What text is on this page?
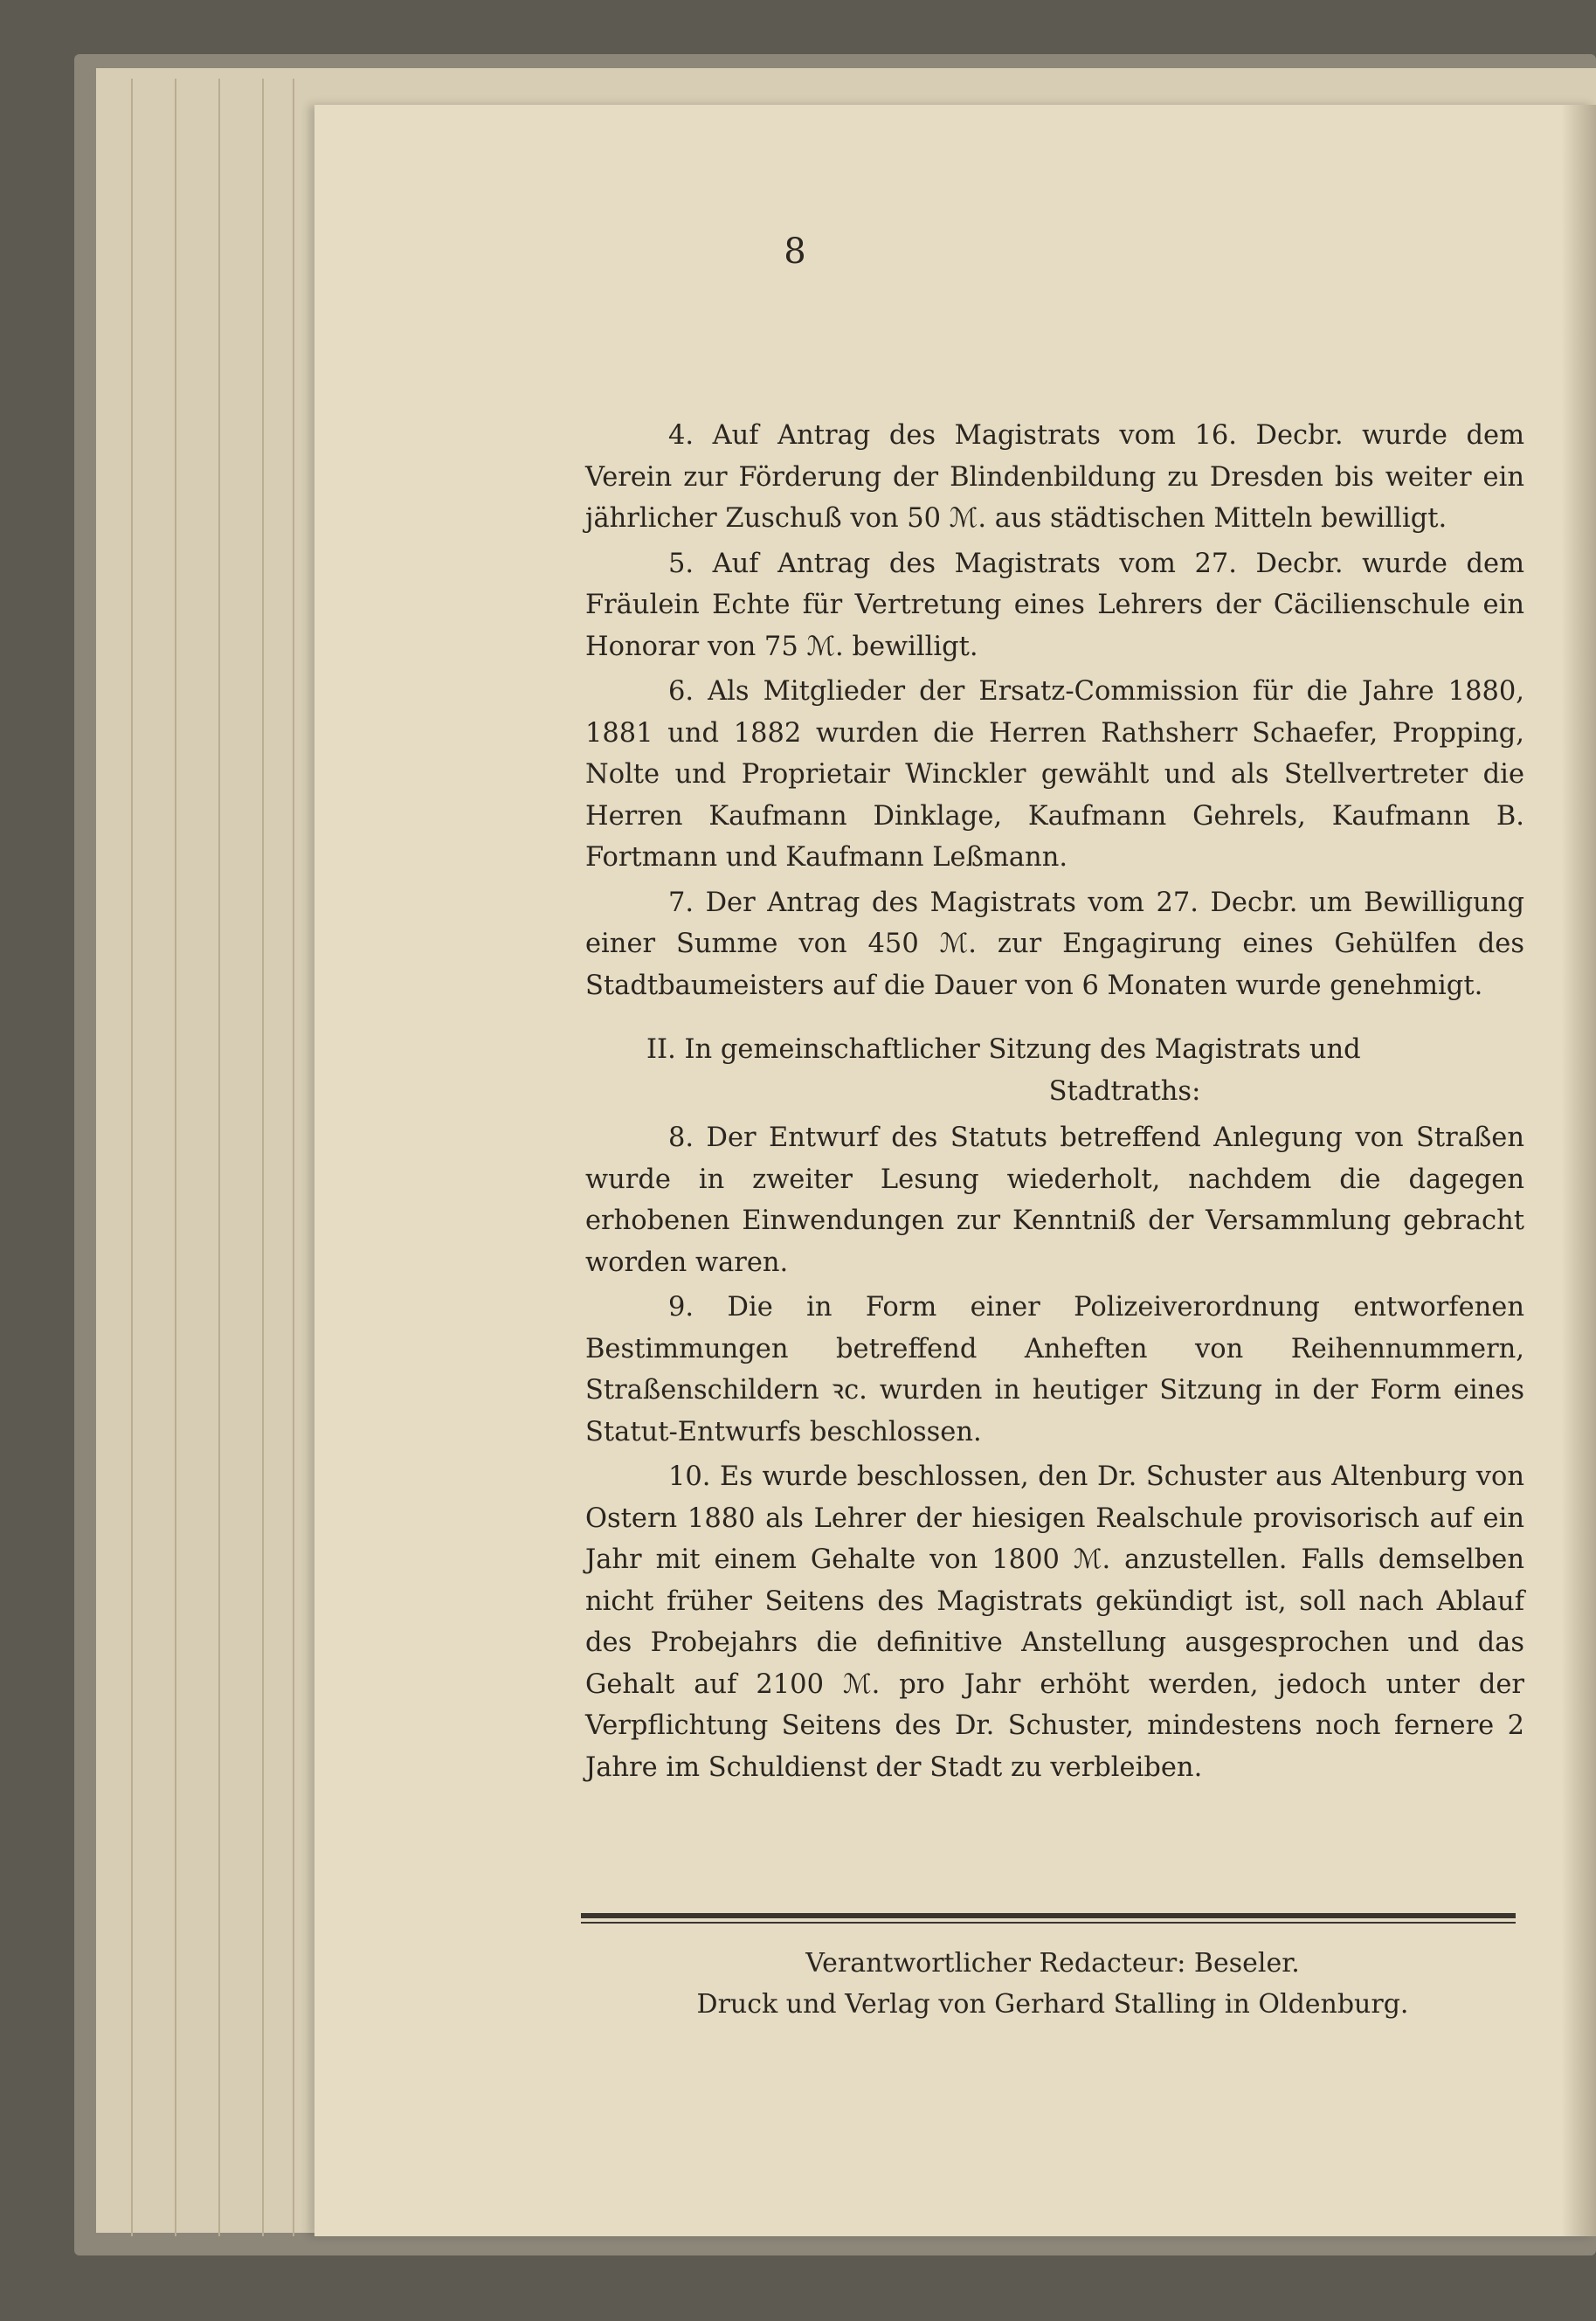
8

4. Auf Antrag des Magistrats vom 16. Decbr. wurde dem Verein zur Förderung der Blindenbildung zu Dresden bis weiter ein jährlicher Zuschuß von 50 ℳ. aus städtischen Mitteln bewilligt.

5. Auf Antrag des Magistrats vom 27. Decbr. wurde dem Fräulein Echte für Vertretung eines Lehrers der Cäcilienschule ein Honorar von 75 ℳ. bewilligt.

6. Als Mitglieder der Ersatz-Commission für die Jahre 1880, 1881 und 1882 wurden die Herren Rathsherr Schaefer, Propping, Nolte und Proprietair Winckler gewählt und als Stellvertreter die Herren Kaufmann Dinklage, Kaufmann Gehrels, Kaufmann B. Fortmann und Kaufmann Leßmann.

7. Der Antrag des Magistrats vom 27. Decbr. um Bewilligung einer Summe von 450 ℳ. zur Engagirung eines Gehülfen des Stadtbaumeisters auf die Dauer von 6 Monaten wurde genehmigt.

II. In gemeinschaftlicher Sitzung des Magistrats und
Stadtraths:

8. Der Entwurf des Statuts betreffend Anlegung von Straßen wurde in zweiter Lesung wiederholt, nachdem die dagegen erhobenen Einwendungen zur Kenntniß der Versammlung gebracht worden waren.

9. Die in Form einer Polizeiverordnung entworfenen Bestimmungen betreffend Anheften von Reihennummern, Straßenschildern ꝛc. wurden in heutiger Sitzung in der Form eines Statut-Entwurfs beschlossen.

10. Es wurde beschlossen, den Dr. Schuster aus Altenburg von Ostern 1880 als Lehrer der hiesigen Realschule provisorisch auf ein Jahr mit einem Gehalte von 1800 ℳ. anzustellen. Falls demselben nicht früher Seitens des Magistrats gekündigt ist, soll nach Ablauf des Probejahrs die definitive Anstellung ausgesprochen und das Gehalt auf 2100 ℳ. pro Jahr erhöht werden, jedoch unter der Verpflichtung Seitens des Dr. Schuster, mindestens noch fernere 2 Jahre im Schuldienst der Stadt zu verbleiben.

Verantwortlicher Redacteur: Beseler.
Druck und Verlag von Gerhard Stalling in Oldenburg.
